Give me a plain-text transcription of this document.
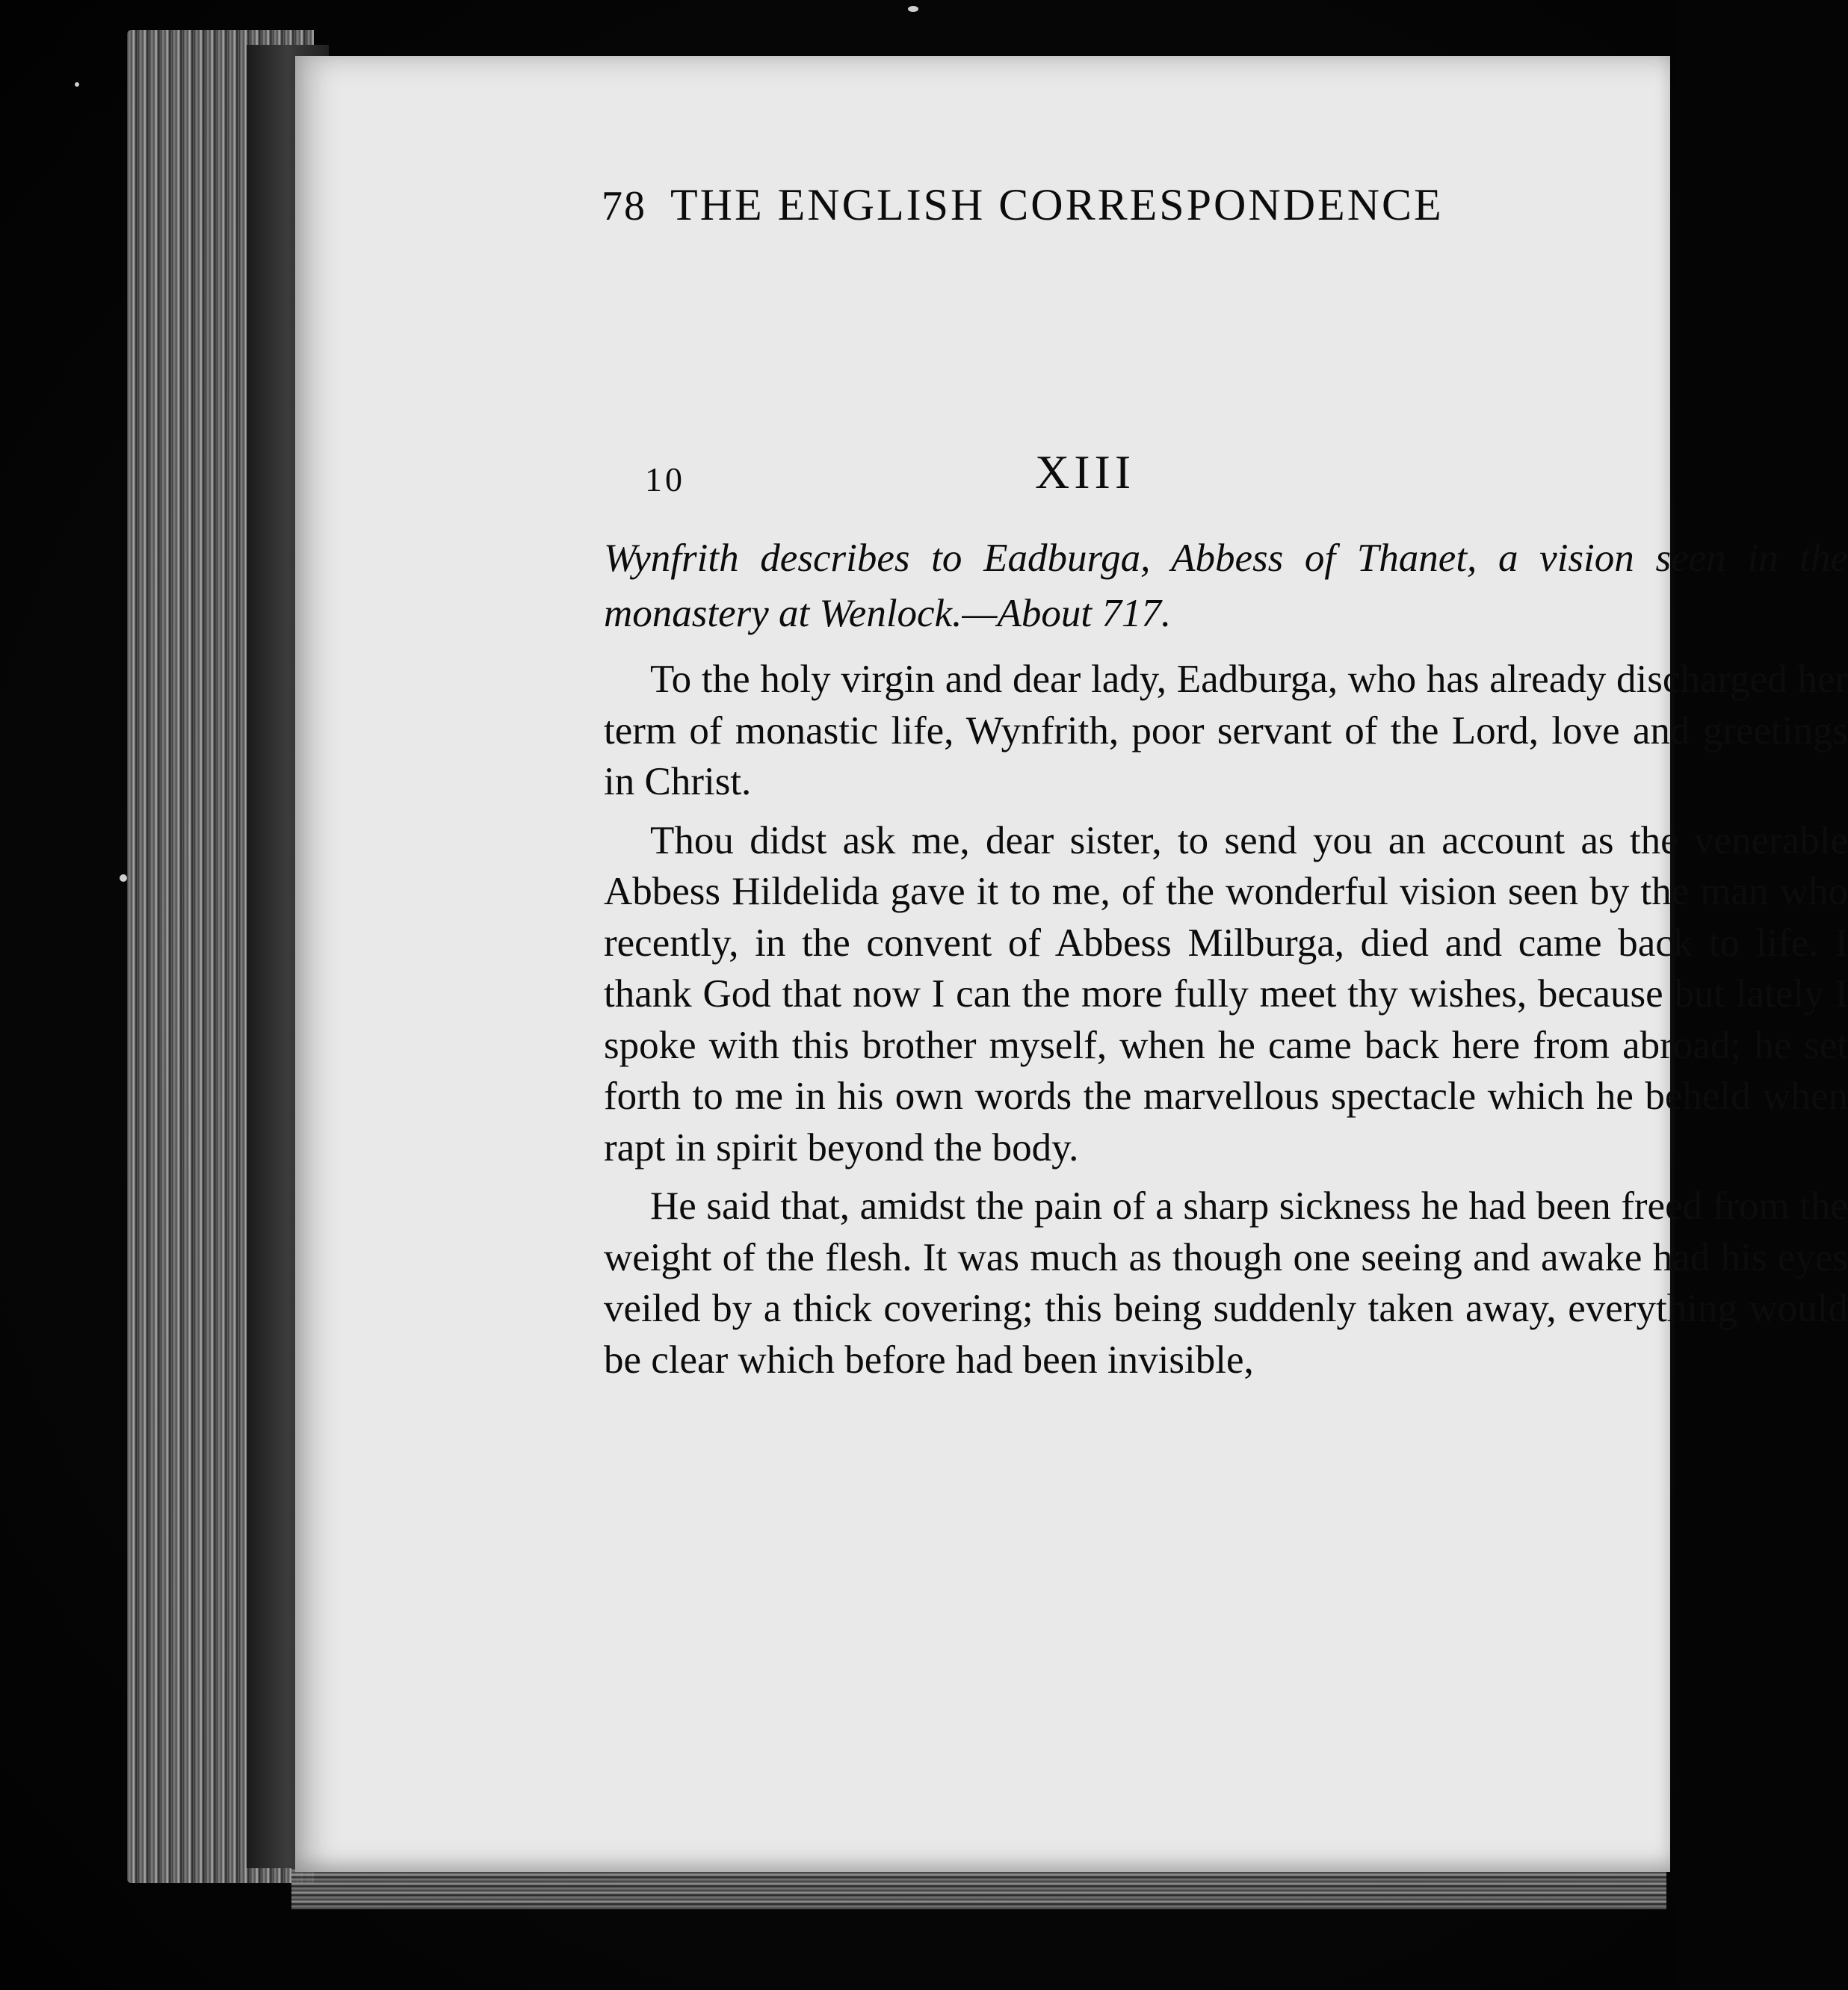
78 THE ENGLISH CORRESPONDENCE
10	XIII
Wynfrith describes to Eadburga, Abbess of Thanet, a vision seen in the monastery at Wenlock.—About 717.

To the holy virgin and dear lady, Eadburga, who has already discharged her term of monastic life, Wynfrith, poor servant of the Lord, love and greetings in Christ.

Thou didst ask me, dear sister, to send you an account as the venerable Abbess Hildelida gave it to me, of the wonderful vision seen by the man who recently, in the convent of Abbess Milburga, died and came back to life. I thank God that now I can the more fully meet thy wishes, because but lately I spoke with this brother myself, when he came back here from abroad; he set forth to me in his own words the marvellous spectacle which he beheld when rapt in spirit beyond the body.

He said that, amidst the pain of a sharp sickness he had been freed from the weight of the flesh. It was much as though one seeing and awake had his eyes veiled by a thick covering; this being suddenly taken away, everything would be clear which before had been invisible,
